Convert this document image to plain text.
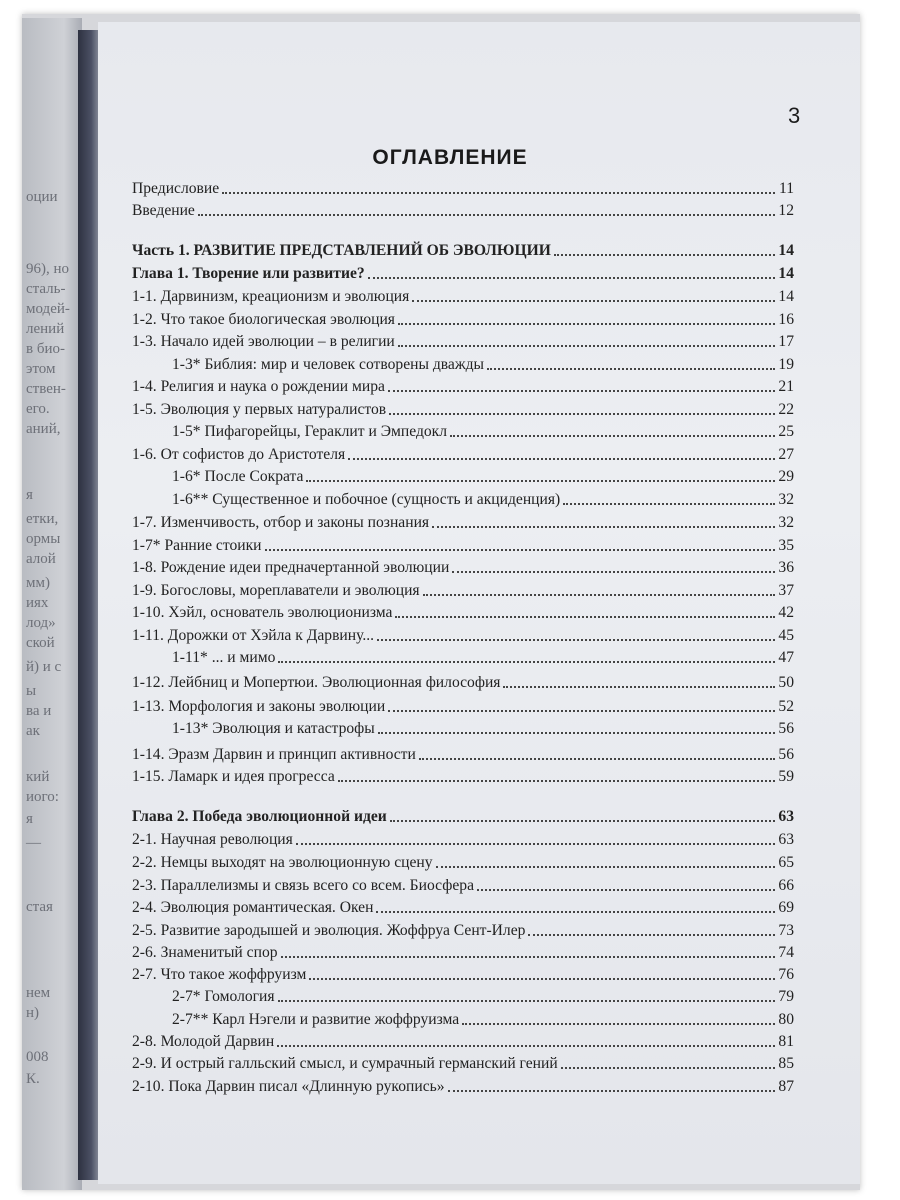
оции
96), но
сталь-
модей-
лений
в био-
этом
ствен-
его.
аний,
я
етки,
ормы
алой
мм)
иях
лод»
ской
й) и с
ы
ва и
ак
кий
иого:
я
—
стая
нем
н)
008
К.
3
ОГЛАВЛЕНИЕ
Предисловие	11
Введение	12
Часть 1. РАЗВИТИЕ ПРЕДСТАВЛЕНИЙ ОБ ЭВОЛЮЦИИ	14
Глава 1. Творение или развитие?	14
1-1. Дарвинизм, креационизм и эволюция	14
1-2. Что такое биологическая эволюция	16
1-3. Начало идей эволюции – в религии	17
1-3* Библия: мир и человек сотворены дважды	19
1-4. Религия и наука о рождении мира	21
1-5. Эволюция у первых натуралистов	22
1-5* Пифагорейцы, Гераклит и Эмпедокл	25
1-6. От софистов до Аристотеля	27
1-6* После Сократа	29
1-6** Существенное и побочное (сущность и акциденция)	32
1-7. Изменчивость, отбор и законы познания	32
1-7* Ранние стоики	35
1-8. Рождение идеи предначертанной эволюции	36
1-9. Богословы, мореплаватели и эволюция	37
1-10. Хэйл, основатель эволюционизма	42
1-11. Дорожки от Хэйла к Дарвину...	45
1-11* ... и мимо	47
1-12. Лейбниц и Мопертюи. Эволюционная философия	50
1-13. Морфология и законы эволюции	52
1-13* Эволюция и катастрофы	56
1-14. Эразм Дарвин и принцип активности	56
1-15. Ламарк и идея прогресса	59
Глава 2. Победа эволюционной идеи	63
2-1. Научная революция	63
2-2. Немцы выходят на эволюционную сцену	65
2-3. Параллелизмы и связь всего со всем. Биосфера	66
2-4. Эволюция романтическая. Окен	69
2-5. Развитие зародышей и эволюция. Жоффруа Сент-Илер	73
2-6. Знаменитый спор	74
2-7. Что такое жоффруизм	76
2-7* Гомология	79
2-7** Карл Нэгели и развитие жоффруизма	80
2-8. Молодой Дарвин	81
2-9. И острый галльский смысл, и сумрачный германский гений	85
2-10. Пока Дарвин писал «Длинную рукопись»	87
